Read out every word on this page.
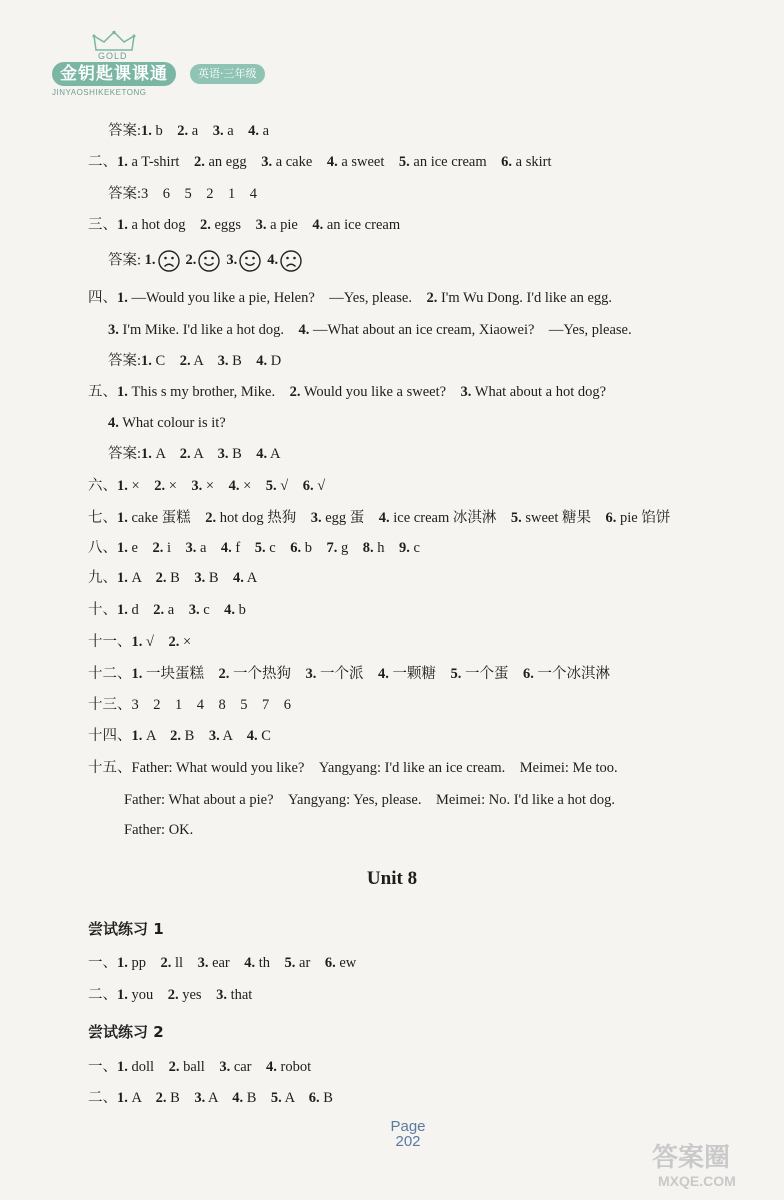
GOLD
金钥匙课课通	英语·三年级
JINYAOSHIKEKETONG
答案:1. b　2. a　3. a　4. a
二、1. a T-shirt　2. an egg　3. a cake　4. a sweet　5. an ice cream　6. a skirt
答案:3　6　5　2　1　4
三、1. a hot dog　2. eggs　3. a pie　4. an ice cream
四、1. —Would you like a pie, Helen?　—Yes, please.　2. I'm Wu Dong. I'd like an egg.
3. I'm Mike. I'd like a hot dog.　4. —What about an ice cream, Xiaowei?　—Yes, please.
答案:1. C　2. A　3. B　4. D
五、1. This s my brother, Mike.　2. Would you like a sweet?　3. What about a hot dog?
4. What colour is it?
答案:1. A　2. A　3. B　4. A
六、1. ×　2. ×　3. ×　4. ×　5. √　6. √
七、1. cake 蛋糕　2. hot dog 热狗　3. egg 蛋　4. ice cream 冰淇淋　5. sweet 糖果　6. pie 馅饼
八、1. e　2. i　3. a　4. f　5. c　6. b　7. g　8. h　9. c
九、1. A　2. B　3. B　4. A
十、1. d　2. a　3. c　4. b
十一、1. √　2. ×
十二、1. 一块蛋糕　2. 一个热狗　3. 一个派　4. 一颗糖　5. 一个蛋　6. 一个冰淇淋
十三、3　2　1　4　8　5　7　6
十四、1. A　2. B　3. A　4. C
十五、Father: What would you like?　Yangyang: I'd like an ice cream.　Meimei: Me too.
Father: What about a pie?　Yangyang: Yes, please.　Meimei: No. I'd like a hot dog.
Father: OK.
一、1. pp　2. ll　3. ear　4. th　5. ar　6. ew
二、1. you　2. yes　3. that
一、1. doll　2. ball　3. car　4. robot
二、1. A　2. B　3. A　4. B　5. A　6. B
答案: 1. 2. 3. 4.
Unit 8
尝试练习 1
尝试练习 2
Page
202
答案圈
MXQE.COM
